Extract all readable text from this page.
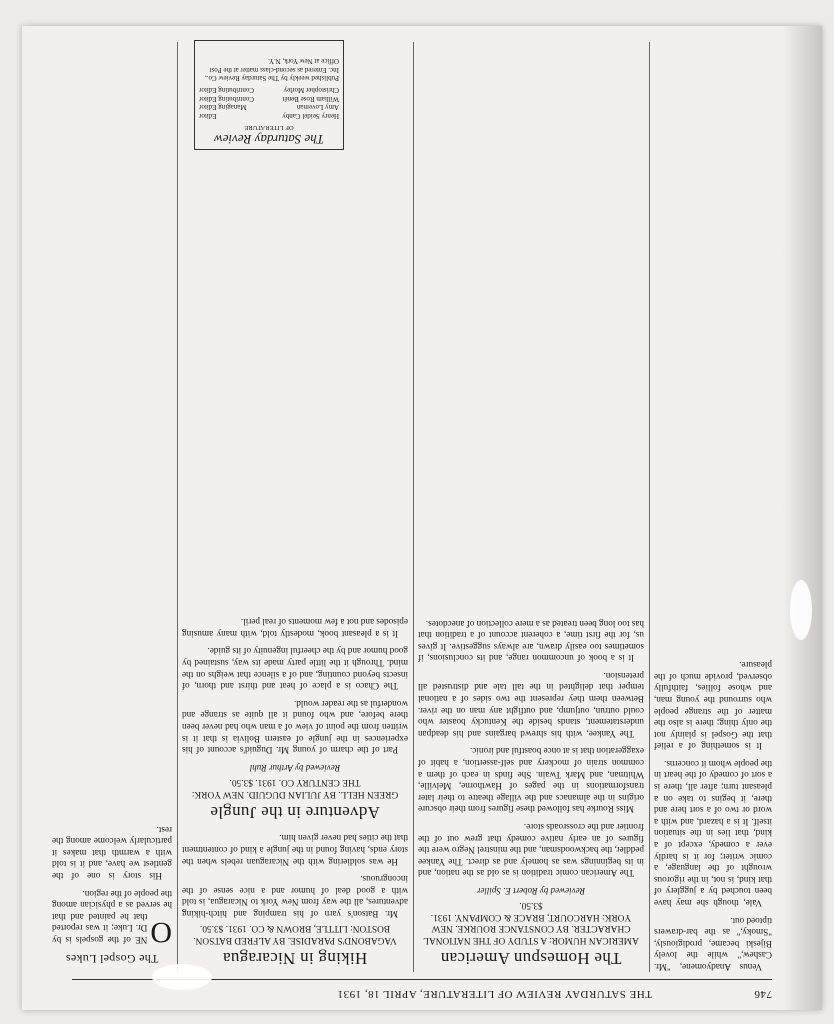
746
THE SATURDAY REVIEW OF LITERATURE, APRIL 18, 1931

Venus Anadyomene, "Mr. Cashew," while the lovely Bijeski became, prodigiously, "Smoky," as the bar-drawers tiptoed out.

Vale, though she may have been touched by a jugglery of that kind, is not, in the rigorous wrought of the language, a comic writer; for it is hardly ever a comedy, except of a kind, that lies in the situation itself. It is a hazard, and with a word or two of a sort here and there, it begins to take on a pleasant turn; after all, there is a sort of comedy of the heart in the people whom it concerns.

It is something of a relief that the Gospel is plainly not the only thing; there is also the matter of the strange people who surround the young man, and whose follies, faithfully observed, provide much of the pleasure.

The Homespun American
AMERICAN HUMOR: A STUDY OF THE NATIONAL CHARACTER. BY CONSTANCE ROURKE. NEW YORK: HARCOURT, BRACE & COMPANY. 1931. $3.50.
Reviewed by Robert E. Spiller

The American comic tradition is as old as the nation, and in its beginnings was as homely and as direct. The Yankee peddler, the backwoodsman, and the minstrel Negro were the figures of an early native comedy that grew out of the frontier and the crossroads store.

Miss Rourke has followed these figures from their obscure origins in the almanacs and the village theatre to their later transformations in the pages of Hawthorne, Melville, Whitman, and Mark Twain. She finds in each of them a common strain of mockery and self-assertion, a habit of exaggeration that is at once boastful and ironic.

The Yankee, with his shrewd bargains and his deadpan understatement, stands beside the Kentucky boaster who could outrun, outjump, and outfight any man on the river. Between them they represent the two sides of a national temper that delighted in the tall tale and distrusted all pretension.

It is a book of uncommon range, and its conclusions, if sometimes too easily drawn, are always suggestive. It gives us, for the first time, a coherent account of a tradition that has too long been treated as a mere collection of anecdotes.

Hiking in Nicaragua
VAGABOND'S PARADISE. BY ALFRED BATSON. BOSTON: LITTLE, BROWN & CO. 1931. $3.50.

Mr. Batson's yarn of his tramping and hitch-hiking adventures, all the way from New York to Nicaragua, is told with a good deal of humor and a nice sense of the incongruous.

He was soldiering with the Nicaraguan rebels when the story ends, having found in the jungle a kind of contentment that the cities had never given him.

Adventure in the Jungle
GREEN HELL. BY JULIAN DUGUID. NEW YORK: THE CENTURY CO. 1931. $3.50.
Reviewed by Arthur Ruhl

Part of the charm of young Mr. Duguid's account of his experiences in the jungle of eastern Bolivia is that it is written from the point of view of a man who had never been there before, and who found it all quite as strange and wonderful as the reader would.

The Chaco is a place of heat and thirst and thorn, of insects beyond counting, and of a silence that weighs on the mind. Through it the little party made its way, sustained by good humor and by the cheerful ingenuity of its guide.

It is a pleasant book, modestly told, with many amusing episodes and not a few moments of real peril.

The Gospel Lukes

O
NE of the gospels is by Dr. Luke; it was reported that he painted and that he served as a physician among the people of the region.

His story is one of the gentlest we have, and it is told with a warmth that makes it particularly welcome among the rest.

The Saturday Review
OF LITERATURE
Henry Seidel Canby
Editor
Amy Loveman
Managing Editor
William Rose Benét
Contributing Editor
Christopher Morley
Contributing Editor
Published weekly by The Saturday Review Co., Inc. Entered as second-class matter at the Post Office at New York, N.Y.
